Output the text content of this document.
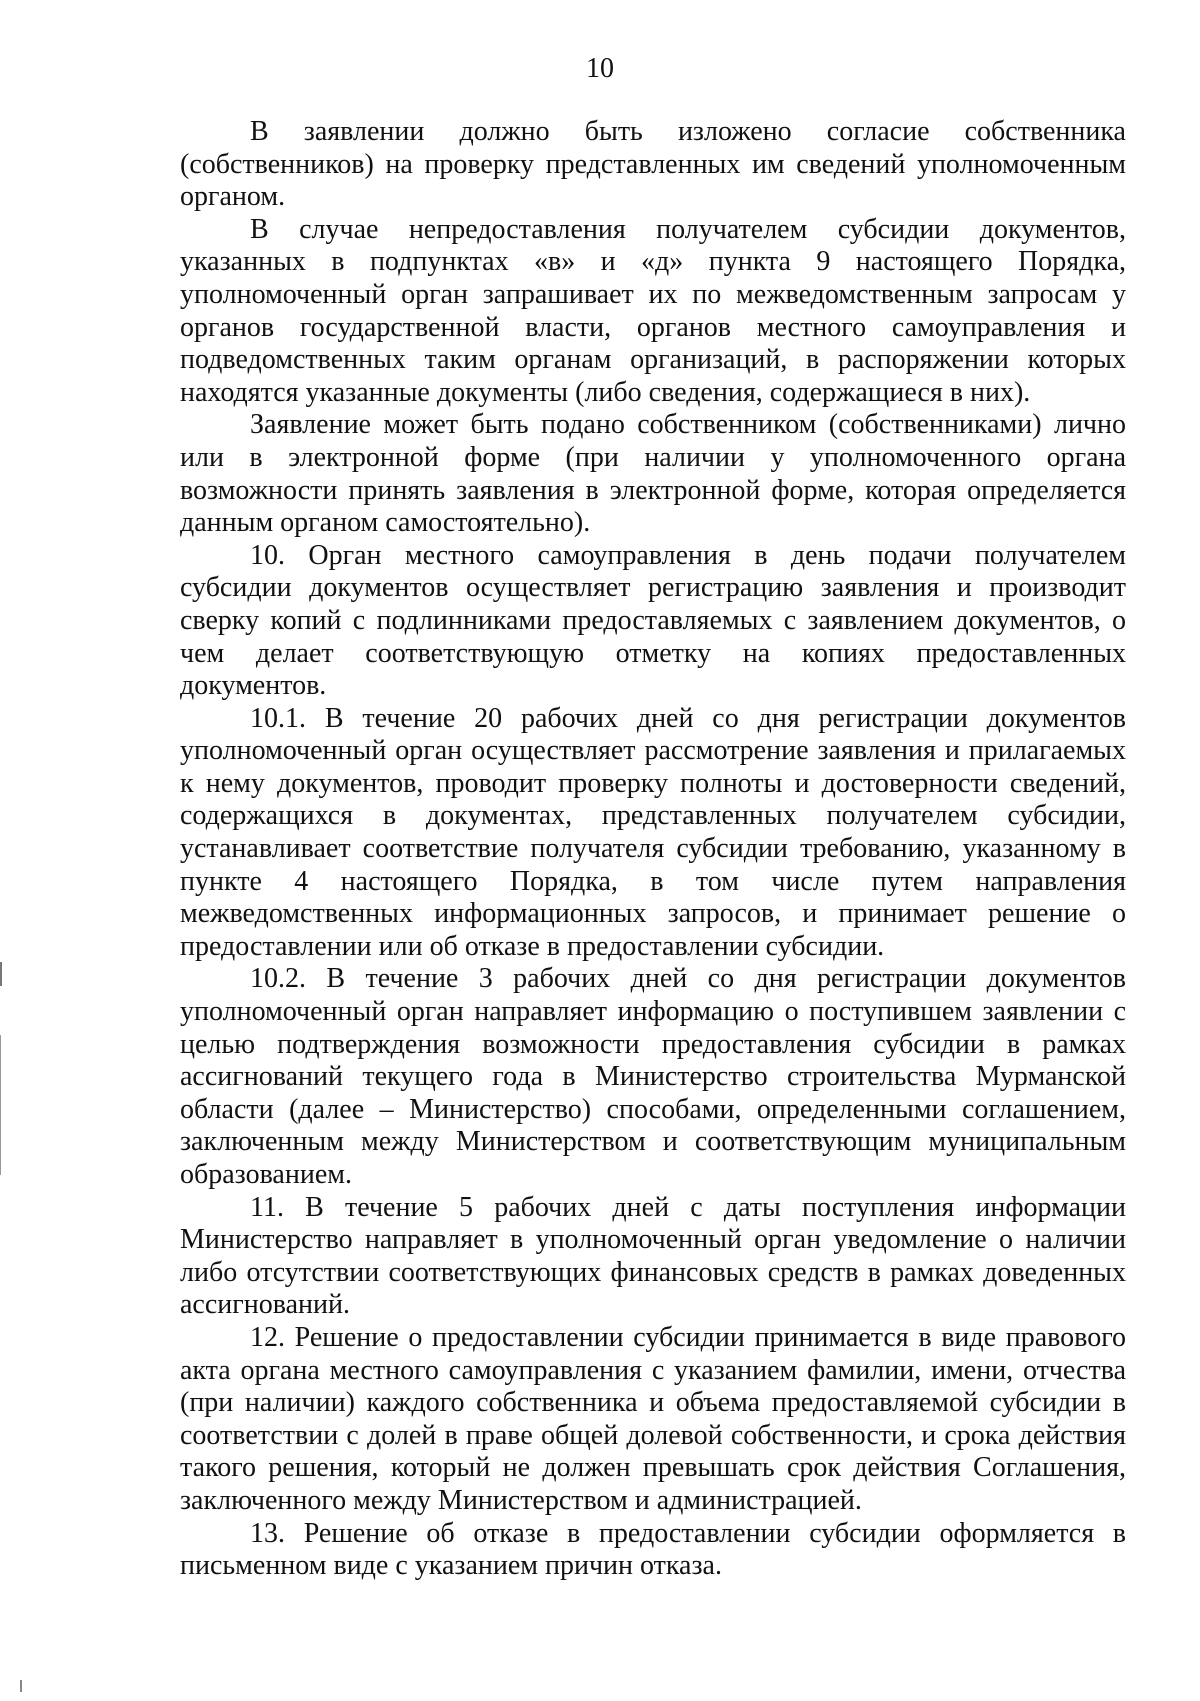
10

В заявлении должно быть изложено согласие собственника (собственников) на проверку представленных им сведений уполномоченным органом.

В случае непредоставления получателем субсидии документов, указанных в подпунктах «в» и «д» пункта 9 настоящего Порядка, уполномоченный орган запрашивает их по межведомственным запросам у органов государственной власти, органов местного самоуправления и подведомственных таким органам организаций, в распоряжении которых находятся указанные документы (либо сведения, содержащиеся в них).

Заявление может быть подано собственником (собственниками) лично или в электронной форме (при наличии у уполномоченного органа возможности принять заявления в электронной форме, которая определяется данным органом самостоятельно).

10. Орган местного самоуправления в день подачи получателем субсидии документов осуществляет регистрацию заявления и производит сверку копий с подлинниками предоставляемых с заявлением документов, о чем делает соответствующую отметку на копиях предоставленных документов.

10.1. В течение 20 рабочих дней со дня регистрации документов уполномоченный орган осуществляет рассмотрение заявления и прилагаемых к нему документов, проводит проверку полноты и достоверности сведений, содержащихся в документах, представленных получателем субсидии, устанавливает соответствие получателя субсидии требованию, указанному в пункте 4 настоящего Порядка, в том числе путем направления межведомственных информационных запросов, и принимает решение о предоставлении или об отказе в предоставлении субсидии.

10.2. В течение 3 рабочих дней со дня регистрации документов уполномоченный орган направляет информацию о поступившем заявлении с целью подтверждения возможности предоставления субсидии в рамках ассигнований текущего года в Министерство строительства Мурманской области (далее – Министерство) способами, определенными соглашением, заключенным между Министерством и соответствующим муниципальным образованием.

11. В течение 5 рабочих дней с даты поступления информации Министерство направляет в уполномоченный орган уведомление о наличии либо отсутствии соответствующих финансовых средств в рамках доведенных ассигнований.

12. Решение о предоставлении субсидии принимается в виде правового акта органа местного самоуправления с указанием фамилии, имени, отчества (при наличии) каждого собственника и объема предоставляемой субсидии в соответствии с долей в праве общей долевой собственности, и срока действия такого решения, который не должен превышать срок действия Соглашения, заключенного между Министерством и администрацией.

13. Решение об отказе в предоставлении субсидии оформляется в письменном виде с указанием причин отказа.
